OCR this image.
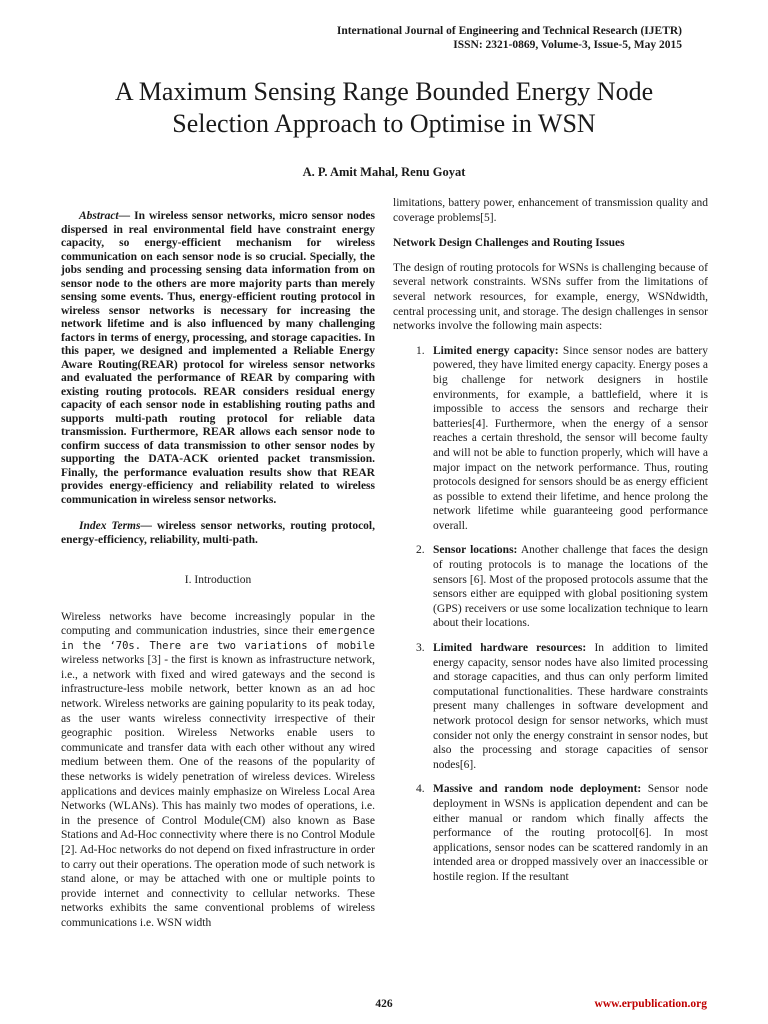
International Journal of Engineering and Technical Research (IJETR)
ISSN: 2321-0869, Volume-3, Issue-5, May 2015
A Maximum Sensing Range Bounded Energy Node
Selection Approach to Optimise in WSN
A. P. Amit Mahal, Renu Goyat

Abstract— In wireless sensor networks, micro sensor nodes dispersed in real environmental field have constraint energy capacity, so energy-efficient mechanism for wireless communication on each sensor node is so crucial. Specially, the jobs sending and processing sensing data information from on sensor node to the others are more majority parts than merely sensing some events. Thus, energy-efficient routing protocol in wireless sensor networks is necessary for increasing the network lifetime and is also influenced by many challenging factors in terms of energy, processing, and storage capacities. In this paper, we designed and implemented a Reliable Energy Aware Routing(REAR) protocol for wireless sensor networks and evaluated the performance of REAR by comparing with existing routing protocols. REAR considers residual energy capacity of each sensor node in establishing routing paths and supports multi-path routing protocol for reliable data transmission. Furthermore, REAR allows each sensor node to confirm success of data transmission to other sensor nodes by supporting the DATA-ACK oriented packet transmission. Finally, the performance evaluation results show that REAR provides energy-efficiency and reliability related to wireless communication in wireless sensor networks.

Index Terms— wireless sensor networks, routing protocol, energy-efficiency, reliability, multi-path.

I. Introduction

Wireless networks have become increasingly popular in the computing and communication industries, since their emergence in the ‘70s. There are two variations of mobile wireless networks [3] - the first is known as infrastructure network, i.e., a network with fixed and wired gateways and the second is infrastructure-less mobile network, better known as an ad hoc network. Wireless networks are gaining popularity to its peak today, as the user wants wireless connectivity irrespective of their geographic position. Wireless Networks enable users to communicate and transfer data with each other without any wired medium between them. One of the reasons of the popularity of these networks is widely penetration of wireless devices. Wireless applications and devices mainly emphasize on Wireless Local Area Networks (WLANs). This has mainly two modes of operations, i.e. in the presence of Control Module(CM) also known as Base Stations and Ad-Hoc connectivity where there is no Control Module [2]. Ad-Hoc networks do not depend on fixed infrastructure in order to carry out their operations. The operation mode of such network is stand alone, or may be attached with one or multiple points to provide internet and connectivity to cellular networks. These networks exhibits the same conventional problems of wireless communications i.e. WSN width

limitations, battery power, enhancement of transmission quality and coverage problems[5].

Network Design Challenges and Routing Issues

The design of routing protocols for WSNs is challenging because of several network constraints. WSNs suffer from the limitations of several network resources, for example, energy, WSNdwidth, central processing unit, and storage. The design challenges in sensor networks involve the following main aspects:

1. Limited energy capacity: Since sensor nodes are battery powered, they have limited energy capacity. Energy poses a big challenge for network designers in hostile environments, for example, a battlefield, where it is impossible to access the sensors and recharge their batteries[4]. Furthermore, when the energy of a sensor reaches a certain threshold, the sensor will become faulty and will not be able to function properly, which will have a major impact on the network performance. Thus, routing protocols designed for sensors should be as energy efficient as possible to extend their lifetime, and hence prolong the network lifetime while guaranteeing good performance overall.
2. Sensor locations: Another challenge that faces the design of routing protocols is to manage the locations of the sensors [6]. Most of the proposed protocols assume that the sensors either are equipped with global positioning system (GPS) receivers or use some localization technique to learn about their locations.
3. Limited hardware resources: In addition to limited energy capacity, sensor nodes have also limited processing and storage capacities, and thus can only perform limited computational functionalities. These hardware constraints present many challenges in software development and network protocol design for sensor networks, which must consider not only the energy constraint in sensor nodes, but also the processing and storage capacities of sensor nodes[6].
4. Massive and random node deployment: Sensor node deployment in WSNs is application dependent and can be either manual or random which finally affects the performance of the routing protocol[6]. In most applications, sensor nodes can be scattered randomly in an intended area or dropped massively over an inaccessible or hostile region. If the resultant
426	www.erpublication.org
